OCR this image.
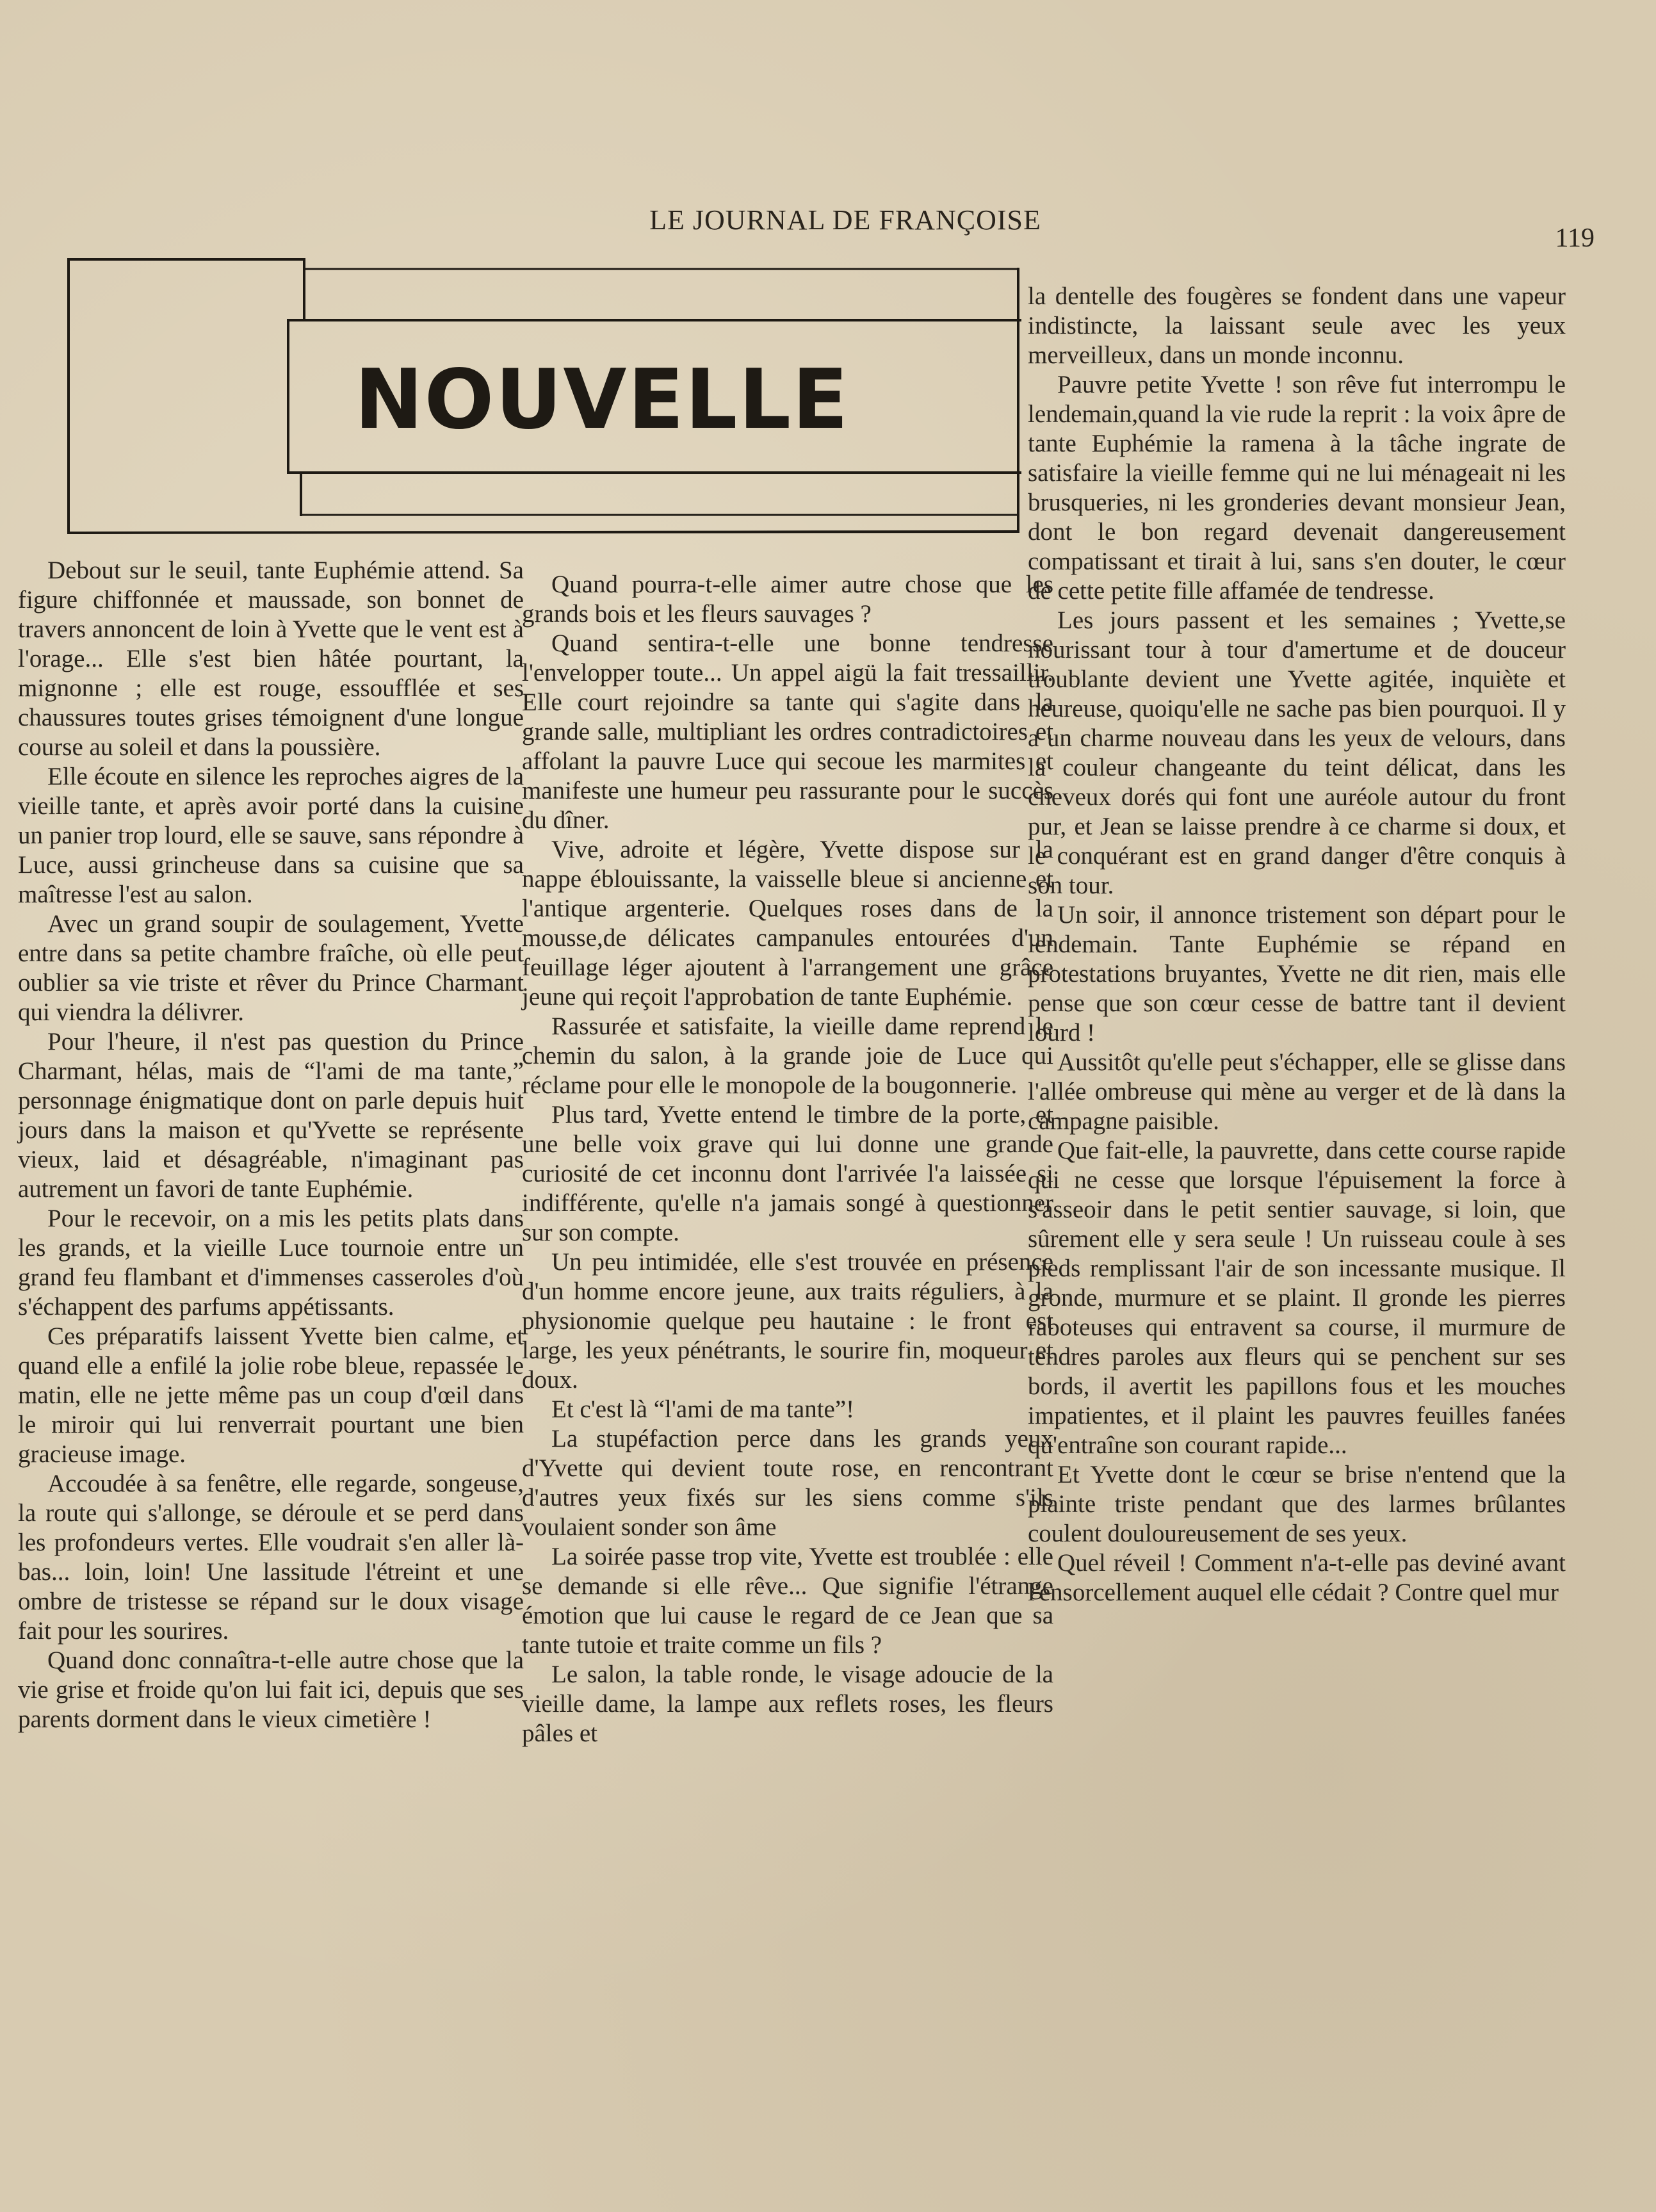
LE JOURNAL DE FRANÇOISE
119
NOUVELLE

Debout sur le seuil, tante Euphémie attend. Sa figure chiffonnée et maussade, son bonnet de travers annoncent de loin à Yvette que le vent est à l'orage... Elle s'est bien hâtée pourtant, la mignonne ; elle est rouge, essoufflée et ses chaussures toutes grises témoignent d'une longue course au soleil et dans la poussière.

Elle écoute en silence les reproches aigres de la vieille tante, et après avoir porté dans la cuisine un panier trop lourd, elle se sauve, sans répondre à Luce, aussi grincheuse dans sa cuisine que sa maîtresse l'est au salon.

Avec un grand soupir de soulagement, Yvette entre dans sa petite chambre fraîche, où elle peut oublier sa vie triste et rêver du Prince Charmant qui viendra la délivrer.

Pour l'heure, il n'est pas question du Prince Charmant, hélas, mais de “l'ami de ma tante,” personnage énigmatique dont on parle depuis huit jours dans la maison et qu'Yvette se représente vieux, laid et désagréable, n'imaginant pas autrement un favori de tante Euphémie.

Pour le recevoir, on a mis les petits plats dans les grands, et la vieille Luce tournoie entre un grand feu flambant et d'immenses casseroles d'où s'échappent des parfums appétissants.

Ces préparatifs laissent Yvette bien calme, et quand elle a enfilé la jolie robe bleue, repassée le matin, elle ne jette même pas un coup d'œil dans le miroir qui lui renverrait pourtant une bien gracieuse image.

Accoudée à sa fenêtre, elle regarde, songeuse, la route qui s'allonge, se déroule et se perd dans les profondeurs vertes. Elle voudrait s'en aller là-bas... loin, loin! Une lassitude l'étreint et une ombre de tristesse se répand sur le doux visage fait pour les sourires.

Quand donc connaîtra-t-elle autre chose que la vie grise et froide qu'on lui fait ici, depuis que ses parents dorment dans le vieux cimetière !

Quand pourra-t-elle aimer autre chose que les grands bois et les fleurs sauvages ?

Quand sentira-t-elle une bonne tendresse l'envelopper toute... Un appel aigü la fait tressaillir. Elle court rejoindre sa tante qui s'agite dans la grande salle, multipliant les ordres contradictoires et affolant la pauvre Luce qui secoue les marmites et manifeste une humeur peu rassurante pour le succès du dîner.

Vive, adroite et légère, Yvette dispose sur la nappe éblouissante, la vaisselle bleue si ancienne et l'antique argenterie. Quelques roses dans de la mousse,de délicates campanules entourées d'un feuillage léger ajoutent à l'arrangement une grâce jeune qui reçoit l'approbation de tante Euphémie.

Rassurée et satisfaite, la vieille dame reprend le chemin du salon, à la grande joie de Luce qui réclame pour elle le monopole de la bougonnerie.

Plus tard, Yvette entend le timbre de la porte, et une belle voix grave qui lui donne une grande curiosité de cet inconnu dont l'arrivée l'a laissée si indifférente, qu'elle n'a jamais songé à questionner sur son compte.

Un peu intimidée, elle s'est trouvée en présence d'un homme encore jeune, aux traits réguliers, à la physionomie quelque peu hautaine : le front est large, les yeux pénétrants, le sourire fin, moqueur et doux.

Et c'est là “l'ami de ma tante”!

La stupéfaction perce dans les grands yeux d'Yvette qui devient toute rose, en rencontrant d'autres yeux fixés sur les siens comme s'ils voulaient sonder son âme

La soirée passe trop vite, Yvette est troublée : elle se demande si elle rêve... Que signifie l'étrange émotion que lui cause le regard de ce Jean que sa tante tutoie et traite comme un fils ?

Le salon, la table ronde, le visage adoucie de la vieille dame, la lampe aux reflets roses, les fleurs pâles et

la dentelle des fougères se fondent dans une vapeur indistincte, la laissant seule avec les yeux merveilleux, dans un monde inconnu.

Pauvre petite Yvette ! son rêve fut interrompu le lendemain,quand la vie rude la reprit : la voix âpre de tante Euphémie la ramena à la tâche ingrate de satisfaire la vieille femme qui ne lui ménageait ni les brusqueries, ni les gronderies devant monsieur Jean, dont le bon regard devenait dangereusement compatissant et tirait à lui, sans s'en douter, le cœur de cette petite fille affamée de tendresse.

Les jours passent et les semaines ; Yvette,se nourissant tour à tour d'amertume et de douceur troublante devient une Yvette agitée, inquiète et heureuse, quoiqu'elle ne sache pas bien pourquoi. Il y a un charme nouveau dans les yeux de velours, dans la couleur changeante du teint délicat, dans les cheveux dorés qui font une auréole autour du front pur, et Jean se laisse prendre à ce charme si doux, et le conquérant est en grand danger d'être conquis à son tour.

Un soir, il annonce tristement son départ pour le lendemain. Tante Euphémie se répand en protestations bruyantes, Yvette ne dit rien, mais elle pense que son cœur cesse de battre tant il devient lourd !

Aussitôt qu'elle peut s'échapper, elle se glisse dans l'allée ombreuse qui mène au verger et de là dans la campagne paisible.

Que fait-elle, la pauvrette, dans cette course rapide qui ne cesse que lorsque l'épuisement la force à s'asseoir dans le petit sentier sauvage, si loin, que sûrement elle y sera seule ! Un ruisseau coule à ses pieds remplissant l'air de son incessante musique. Il gronde, murmure et se plaint. Il gronde les pierres raboteuses qui entravent sa course, il murmure de tendres paroles aux fleurs qui se penchent sur ses bords, il avertit les papillons fous et les mouches impatientes, et il plaint les pauvres feuilles fanées qu'entraîne son courant rapide...

Et Yvette dont le cœur se brise n'entend que la plainte triste pendant que des larmes brûlantes coulent douloureusement de ses yeux.

Quel réveil ! Comment n'a-t-elle pas deviné avant l'ensorcellement auquel elle cédait ? Contre quel mur
